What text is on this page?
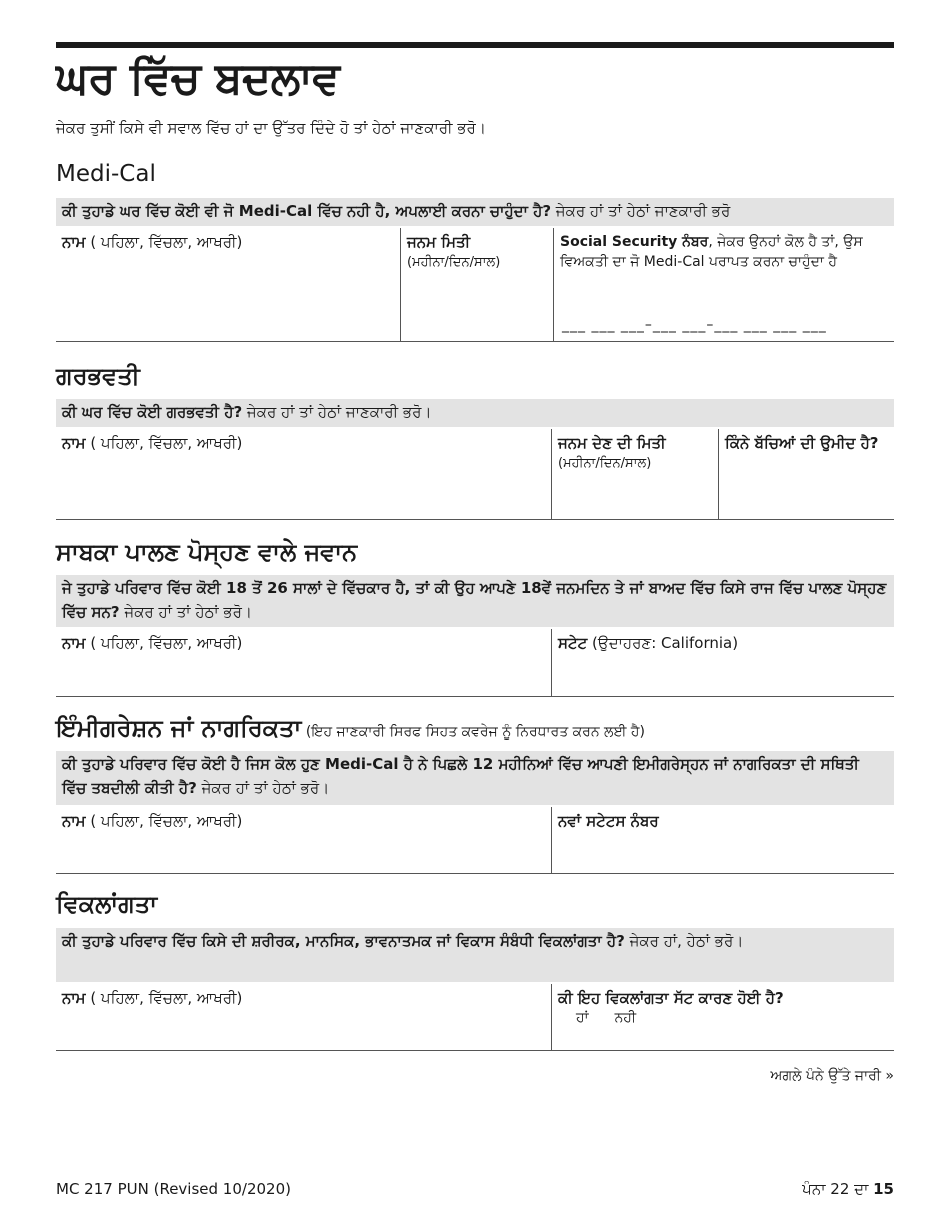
ਘਰ ਵਿੱਚ ਬਦਲਾਵ
ਜੇਕਰ ਤੁਸੀਂ ਕਿਸੇ ਵੀ ਸਵਾਲ ਵਿੱਚ ਹਾਂ ਦਾ ਉੱਤਰ ਦਿੰਦੇ ਹੋ ਤਾਂ ਹੇਠਾਂ ਜਾਣਕਾਰੀ ਭਰੋ।
Medi-Cal
ਕੀ ਤੁਹਾਡੇ ਘਰ ਵਿੱਚ ਕੋਈ ਵੀ ਜੋ Medi-Cal ਵਿੱਚ ਨਹੀ ਹੈ, ਅਪਲਾਈ ਕਰਨਾ ਚਾਹੁੰਦਾ ਹੈ? ਜੇਕਰ ਹਾਂ ਤਾਂ ਹੇਠਾਂ ਜਾਣਕਾਰੀ ਭਰੋ
ਨਾਮ ( ਪਹਿਲਾ, ਵਿੱਚਲਾ, ਆਖਰੀ)	ਜਨਮ ਮਿਤੀ
(ਮਹੀਨਾ/ਦਿਨ/ਸਾਲ)
Social Security ਨੰਬਰ, ਜੇਕਰ ਉਨਹਾਂ ਕੋਲ ਹੈ ਤਾਂ, ਉਸ ਵਿਅਕਤੀ ਦਾ ਜੋ Medi-Cal ਪਰਾਪਤ ਕਰਨਾ ਚਾਹੁੰਦਾ ਹੈ
___ ___ ___–___ ___–___ ___ ___ ___
ਗਰਭਵਤੀ
ਕੀ ਘਰ ਵਿੱਚ ਕੋਈ ਗਰਭਵਤੀ ਹੈ? ਜੇਕਰ ਹਾਂ ਤਾਂ ਹੇਠਾਂ ਜਾਣਕਾਰੀ ਭਰੋ।
ਨਾਮ ( ਪਹਿਲਾ, ਵਿੱਚਲਾ, ਆਖਰੀ)	ਜਨਮ ਦੇਣ ਦੀ ਮਿਤੀ
(ਮਹੀਨਾ/ਦਿਨ/ਸਾਲ)
ਕਿੰਨੇ ਬੱਚਿਆਂ ਦੀ ਉਮੀਦ ਹੈ?
ਸਾਬਕਾ ਪਾਲਣ ਪੋਸ੍ਹਣ ਵਾਲੇ ਜਵਾਨ
ਜੇ ਤੁਹਾਡੇ ਪਰਿਵਾਰ ਵਿੱਚ ਕੋਈ 18 ਤੋਂ 26 ਸਾਲਾਂ ਦੇ ਵਿੱਚਕਾਰ ਹੈ, ਤਾਂ ਕੀ ਉਹ ਆਪਣੇ 18ਵੇਂ ਜਨਮਦਿਨ ਤੇ ਜਾਂ ਬਾਅਦ ਵਿੱਚ ਕਿਸੇ ਰਾਜ ਵਿੱਚ ਪਾਲਣ ਪੋਸ੍ਹਣ ਵਿੱਚ ਸਨ? ਜੇਕਰ ਹਾਂ ਤਾਂ ਹੇਠਾਂ ਭਰੋ।
ਨਾਮ ( ਪਹਿਲਾ, ਵਿੱਚਲਾ, ਆਖਰੀ)	ਸਟੇਟ (ਉਦਾਹਰਣ: California)
ਇੰਮੀਗਰੇਸ਼ਨ ਜਾਂ ਨਾਗਰਿਕਤਾ (ਇਹ ਜਾਣਕਾਰੀ ਸਿਰਫ ਸਿਹਤ ਕਵਰੇਜ ਨੂੰ ਨਿਰਧਾਰਤ ਕਰਨ ਲਈ ਹੈ)
ਕੀ ਤੁਹਾਡੇ ਪਰਿਵਾਰ ਵਿੱਚ ਕੋਈ ਹੈ ਜਿਸ ਕੋਲ ਹੁਣ Medi-Cal ਹੈ ਨੇ ਪਿਛਲੇ 12 ਮਹੀਨਿਆਂ ਵਿੱਚ ਆਪਣੀ ਇਮੀਗਰੇਸ੍ਹਨ ਜਾਂ ਨਾਗਰਿਕਤਾ ਦੀ ਸਥਿਤੀ ਵਿੱਚ ਤਬਦੀਲੀ ਕੀਤੀ ਹੈ? ਜੇਕਰ ਹਾਂ ਤਾਂ ਹੇਠਾਂ ਭਰੋ।
ਨਾਮ ( ਪਹਿਲਾ, ਵਿੱਚਲਾ, ਆਖਰੀ)	ਨਵਾਂ ਸਟੇਟਸ ਨੰਬਰ
ਵਿਕਲਾਂਗਤਾ
ਕੀ ਤੁਹਾਡੇ ਪਰਿਵਾਰ ਵਿੱਚ ਕਿਸੇ ਦੀ ਸ਼ਰੀਰਕ, ਮਾਨਸਿਕ, ਭਾਵਨਾਤਮਕ ਜਾਂ ਵਿਕਾਸ ਸੰਬੰਧੀ ਵਿਕਲਾਂਗਤਾ ਹੈ? ਜੇਕਰ ਹਾਂ, ਹੇਠਾਂ ਭਰੋ।
ਨਾਮ ( ਪਹਿਲਾ, ਵਿੱਚਲਾ, ਆਖਰੀ)	ਕੀ ਇਹ ਵਿਕਲਾਂਗਤਾ ਸੱਟ ਕਾਰਣ ਹੋਈ ਹੈ?
ਹਾਂ ਨਹੀ
ਅਗਲੇ ਪੰਨੇ ਉੱਤੇ ਜਾਰੀ »
MC 217 PUN (Revised 10/2020)	ਪੰਨਾ 22 ਦਾ 15
